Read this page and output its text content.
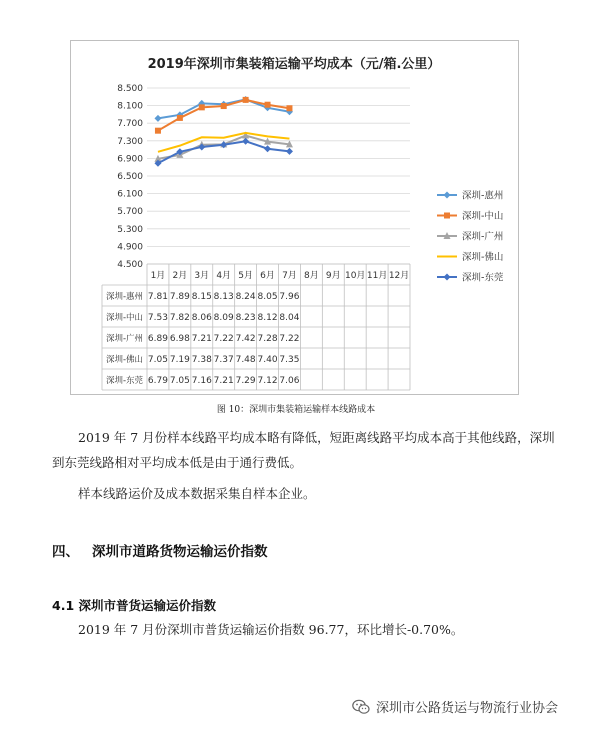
2019年深圳市集装箱运输平均成本（元/箱.公里）
8.500
8.100
7.700
7.300
6.900
6.500
6.100
5.700
5.300
4.900
4.500
1月 2月 3月 4月 5月 6月 7月 8月 9月 10月 11月 12月
深圳-惠州 7.81 7.89 8.15 8.13 8.24 8.05 7.96
深圳-中山 7.53 7.82 8.06 8.09 8.23 8.12 8.04
深圳-广州 6.89 6.98 7.21 7.22 7.42 7.28 7.22
深圳-佛山 7.05 7.19 7.38 7.37 7.48 7.40 7.35
深圳-东莞 6.79 7.05 7.16 7.21 7.29 7.12 7.06
深圳-惠州
深圳-中山
深圳-广州
深圳-佛山
深圳-东莞
图 10：深圳市集装箱运输样本线路成本
2019 年 7 月份样本线路平均成本略有降低，短距离线路平均成本高于其他线路，深圳
到东莞线路相对平均成本低是由于通行费低。
样本线路运价及成本数据采集自样本企业。
四、 深圳市道路货物运输运价指数
4.1 深圳市普货运输运价指数
2019 年 7 月份深圳市普货运输运价指数 96.77，环比增长-0.70%。
深圳市公路货运与物流行业协会
